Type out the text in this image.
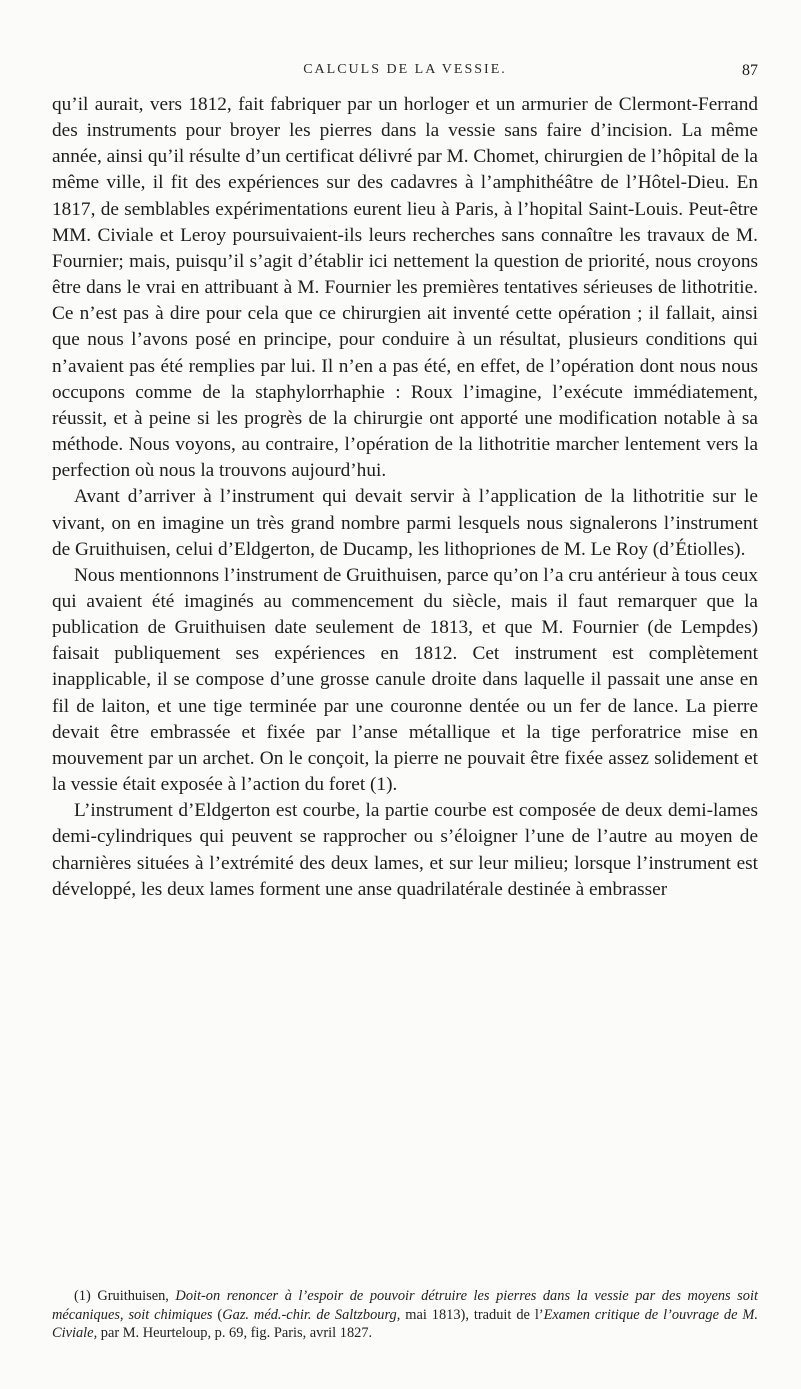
CALCULS DE LA VESSIE.	87

qu’il aurait, vers 1812, fait fabriquer par un horloger et un armurier de Clermont-Ferrand des instruments pour broyer les pierres dans la vessie sans faire d’incision. La même année, ainsi qu’il résulte d’un certificat délivré par M. Chomet, chirurgien de l’hôpital de la même ville, il fit des expériences sur des cadavres à l’amphithéâtre de l’Hôtel-Dieu. En 1817, de semblables expérimentations eurent lieu à Paris, à l’hopital Saint-Louis. Peut-être MM. Civiale et Leroy poursuivaient-ils leurs recherches sans connaître les travaux de M. Fournier; mais, puisqu’il s’agit d’établir ici nettement la question de priorité, nous croyons être dans le vrai en attribuant à M. Fournier les premières tentatives sérieuses de lithotritie. Ce n’est pas à dire pour cela que ce chirurgien ait inventé cette opération ; il fallait, ainsi que nous l’avons posé en principe, pour conduire à un résultat, plusieurs conditions qui n’avaient pas été remplies par lui. Il n’en a pas été, en effet, de l’opération dont nous nous occupons comme de la staphylorrhaphie : Roux l’imagine, l’exécute immédiatement, réussit, et à peine si les progrès de la chirurgie ont apporté une modification notable à sa méthode. Nous voyons, au contraire, l’opération de la lithotritie marcher lentement vers la perfection où nous la trouvons aujourd’hui.

Avant d’arriver à l’instrument qui devait servir à l’application de la lithotritie sur le vivant, on en imagine un très grand nombre parmi lesquels nous signalerons l’instrument de Gruithuisen, celui d’Eldgerton, de Ducamp, les lithopriones de M. Le Roy (d’Étiolles).

Nous mentionnons l’instrument de Gruithuisen, parce qu’on l’a cru antérieur à tous ceux qui avaient été imaginés au commencement du siècle, mais il faut remarquer que la publication de Gruithuisen date seulement de 1813, et que M. Fournier (de Lempdes) faisait publiquement ses expériences en 1812. Cet instrument est complètement inapplicable, il se compose d’une grosse canule droite dans laquelle il passait une anse en fil de laiton, et une tige terminée par une couronne dentée ou un fer de lance. La pierre devait être embrassée et fixée par l’anse métallique et la tige perforatrice mise en mouvement par un archet. On le conçoit, la pierre ne pouvait être fixée assez solidement et la vessie était exposée à l’action du foret (1).

L’instrument d’Eldgerton est courbe, la partie courbe est composée de deux demi-lames demi-cylindriques qui peuvent se rapprocher ou s’éloigner l’une de l’autre au moyen de charnières situées à l’extrémité des deux lames, et sur leur milieu; lorsque l’instrument est développé, les deux lames forment une anse quadrilatérale destinée à embrasser

(1) Gruithuisen, Doit-on renoncer à l’espoir de pouvoir détruire les pierres dans la vessie par des moyens soit mécaniques, soit chimiques (Gaz. méd.-chir. de Saltzbourg, mai 1813), traduit de l’Examen critique de l’ouvrage de M. Civiale, par M. Heurteloup, p. 69, fig. Paris, avril 1827.
